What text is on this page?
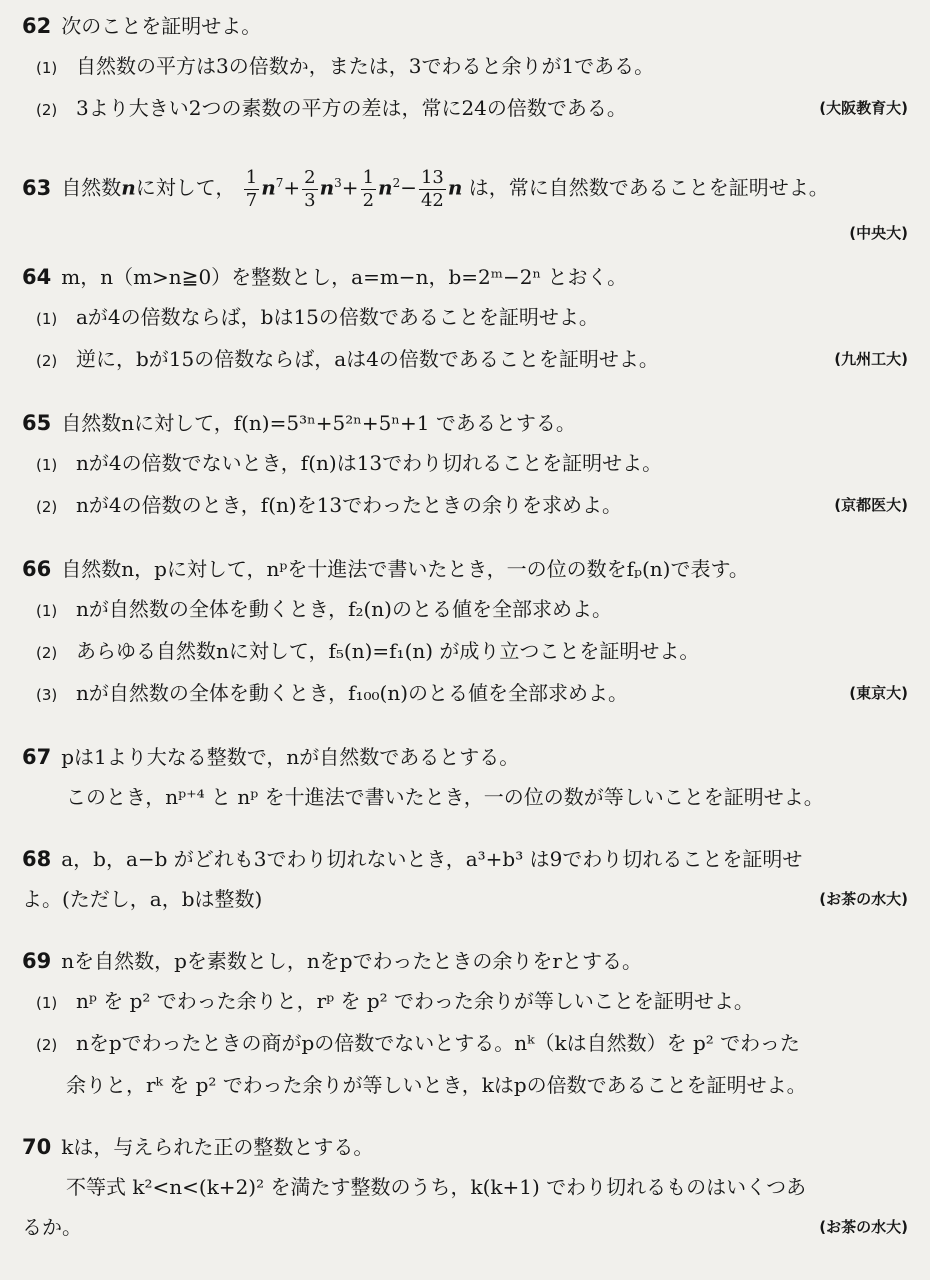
62 次のことを証明せよ。
(1) 自然数の平方は3の倍数か，または，3でわると余りが1である。
(2) 3より大きい2つの素数の平方の差は，常に24の倍数である。	(大阪教育大)
63 自然数nに対して， $\frac{1}{7} n^7+ \frac{2}{3} n^3+ \frac{1}{2} n^2- \frac{13}{42}$ n は，常に自然数であることを証明せよ。
(中央大)
64 m，n（m>n≧0）を整数とし，a=m−n，b=2ᵐ−2ⁿ とおく。
(1) aが4の倍数ならば，bは15の倍数であることを証明せよ。
(2) 逆に，bが15の倍数ならば，aは4の倍数であることを証明せよ。	(九州工大)
65 自然数nに対して，f(n)=5³ⁿ+5²ⁿ+5ⁿ+1 であるとする。
(1) nが4の倍数でないとき，f(n)は13でわり切れることを証明せよ。
(2) nが4の倍数のとき，f(n)を13でわったときの余りを求めよ。	(京都医大)
66 自然数n，pに対して，nᵖを十進法で書いたとき，一の位の数をfₚ(n)で表す。
(1) nが自然数の全体を動くとき，f₂(n)のとる値を全部求めよ。
(2) あらゆる自然数nに対して，f₅(n)=f₁(n) が成り立つことを証明せよ。
(3) nが自然数の全体を動くとき，f₁₀₀(n)のとる値を全部求めよ。	(東京大)
67 pは1より大なる整数で，nが自然数であるとする。
このとき，nᵖ⁺⁴ と nᵖ を十進法で書いたとき，一の位の数が等しいことを証明せよ。
68 a，b，a−b がどれも3でわり切れないとき，a³+b³ は9でわり切れることを証明せ
よ。(ただし，a，bは整数)	(お茶の水大)
69 nを自然数，pを素数とし，nをpでわったときの余りをrとする。
(1) nᵖ を p² でわった余りと，rᵖ を p² でわった余りが等しいことを証明せよ。
(2) nをpでわったときの商がpの倍数でないとする。nᵏ（kは自然数）を p² でわった
余りと，rᵏ を p² でわった余りが等しいとき，kはpの倍数であることを証明せよ。
70 kは，与えられた正の整数とする。
不等式 k²<n<(k+2)² を満たす整数のうち，k(k+1) でわり切れるものはいくつあ
るか。	(お茶の水大)
